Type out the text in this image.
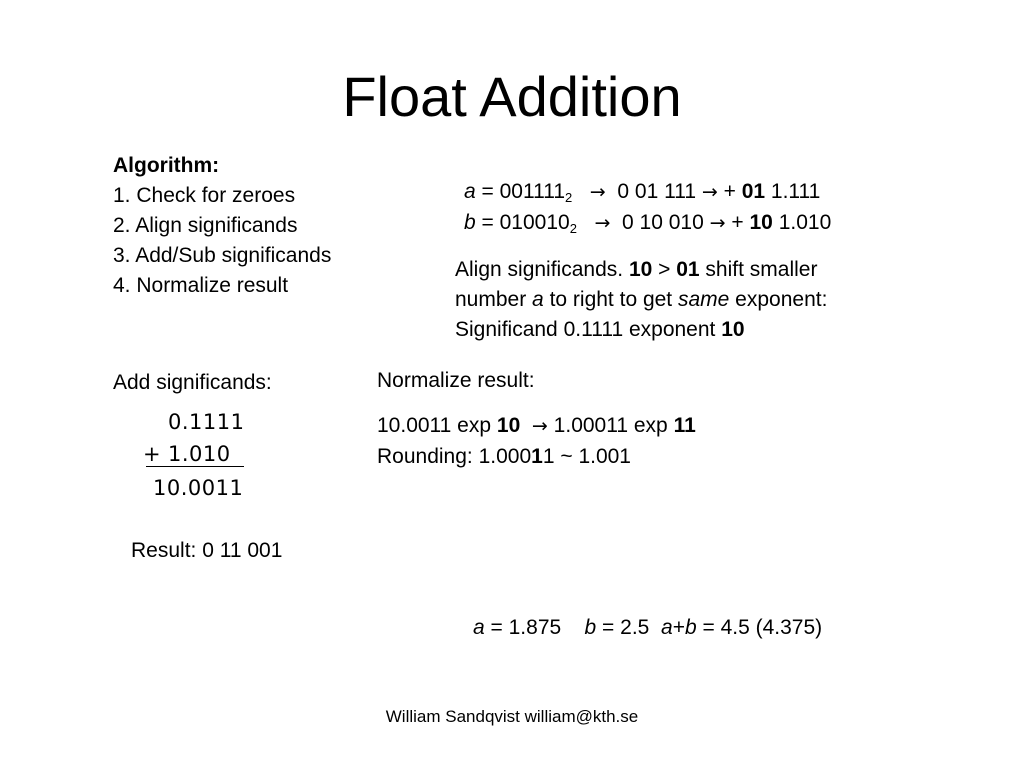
Float Addition
Algorithm:
1. Check for zeroes
2. Align significands
3. Add/Sub significands
4. Normalize result
$a = 001111_2 \to 0$ 01 111 → + 01 1.111
$b = 010010_2 \to 0$ 10 010 → + 10 1.010
Align significands. 10 > 01 shift smaller
number a to right to get same exponent:
Significand 0.1111 exponent 10
Add significands:
0.1111
+ 1.010
10.0011
Normalize result:
10.0011 exp 10 → 1.00011 exp 11
Rounding: 1.00011 ~ 1.001
Result: 0 11 001
a = 1.875 b = 2.5 a+b = 4.5 (4.375)
William Sandqvist william@kth.se
